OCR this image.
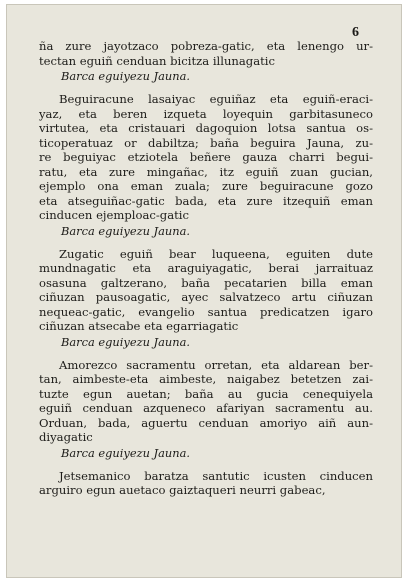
6
ña zure jayotzaco pobreza-gatic, eta lenengo ur-
tectan eguiñ cenduan bicitza illunagatic
Barca eguiyezu Jauna.
Beguiracune lasaiyac eguiñaz eta eguiñ-eraci-
yaz, eta beren izqueta loyequin garbitasuneco
virtutea, eta cristauari dagoquion lotsa santua os-
ticoperatuaz or dabiltza; baña beguira Jauna, zu-
re beguiyac etziotela beñere gauza charri begui-
ratu, eta zure mingañac, itz eguiñ zuan gucian,
ejemplo ona eman zuala; zure beguiracune gozo
eta atseguiñac-gatic bada, eta zure itzequiñ eman
cinducen ejemploac-gatic
Barca eguiyezu Jauna.
Zugatic eguiñ bear luqueena, eguiten dute
mundnagatic eta araguiyagatic, berai jarraituaz
osasuna galtzerano, baña pecatarien billa eman
ciñuzan pausoagatic, ayec salvatzeco artu ciñuzan
nequeac-gatic, evangelio santua predicatzen igaro
ciñuzan atsecabe eta egarriagatic
Barca eguiyezu Jauna.
Amorezco sacramentu orretan, eta aldarean ber-
tan, aimbeste-eta aimbeste, naigabez betetzen zai-
tuzte egun auetan; baña au gucia cenequiyela
eguiñ cenduan azqueneco afariyan sacramentu au.
Orduan, bada, aguertu cenduan amoriyo aiñ aun-
diyagatic
Barca eguiyezu Jauna.
Jetsemanico baratza santutic icusten cinducen
arguiro egun auetaco gaiztaqueri neurri gabeac,
